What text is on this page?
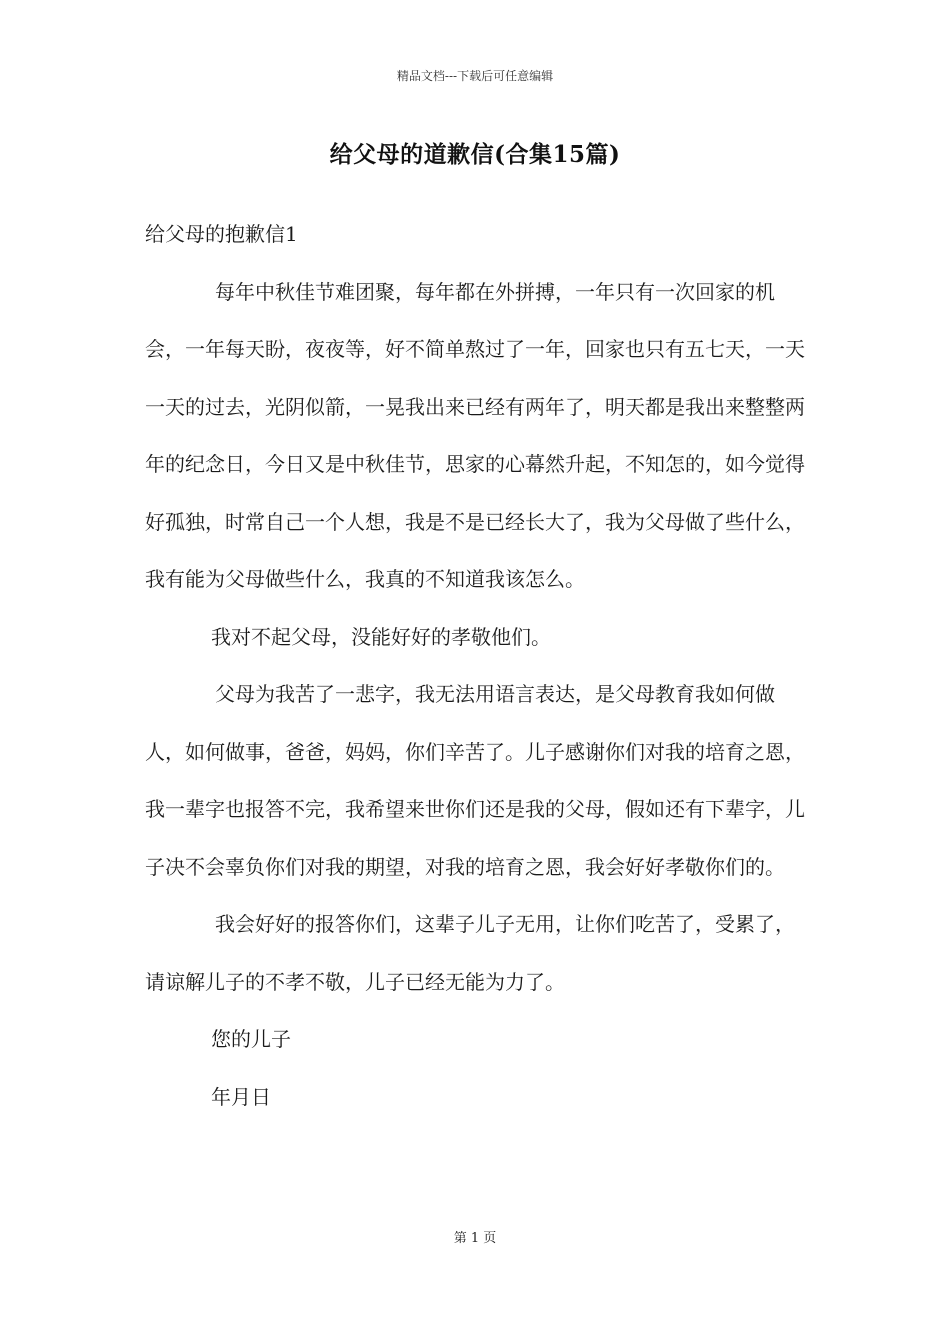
精品文档---下载后可任意编辑
给父母的道歉信(合集15篇)

给父母的抱歉信1

每年中秋佳节难团聚，每年都在外拼搏，一年只有一次回家的机会，一年每天盼，夜夜等，好不简单熬过了一年，回家也只有五七天，一天一天的过去，光阴似箭，一晃我出来已经有两年了，明天都是我出来整整两年的纪念日，今日又是中秋佳节，思家的心幕然升起，不知怎的，如今觉得好孤独，时常自己一个人想，我是不是已经长大了，我为父母做了些什么，我有能为父母做些什么，我真的不知道我该怎么。

我对不起父母，没能好好的孝敬他们。

父母为我苦了一悲字，我无法用语言表达，是父母教育我如何做人，如何做事，爸爸，妈妈，你们辛苦了。儿子感谢你们对我的培育之恩，我一辈字也报答不完，我希望来世你们还是我的父母，假如还有下辈字，儿子决不会辜负你们对我的期望，对我的培育之恩，我会好好孝敬你们的。

我会好好的报答你们，这辈子儿子无用，让你们吃苦了，受累了，请谅解儿子的不孝不敬，儿子已经无能为力了。

您的儿子

年月日

第 1 页
